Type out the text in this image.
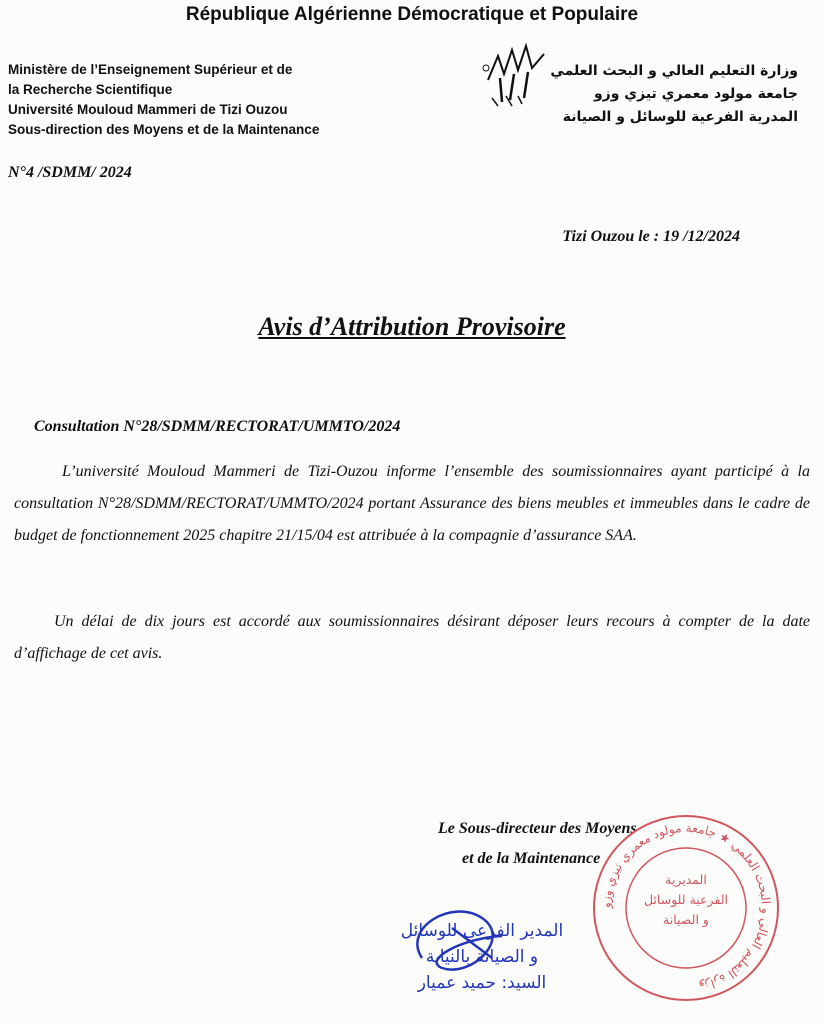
République Algérienne Démocratique et Populaire
Ministère de l’Enseignement Supérieur et de
la Recherche Scientifique
Université Mouloud Mammeri de Tizi Ouzou
Sous-direction des Moyens et de la Maintenance
وزارة التعليم العالي و البحث العلمي
جامعة مولود معمري تيزي وزو
المدرية الفرعية للوسائل و الصيانة
N°4 /SDMM/ 2024
Tizi Ouzou le : 19 /12/2024
Avis d’Attribution Provisoire
Consultation N°28/SDMM/RECTORAT/UMMTO/2024
L’université Mouloud Mammeri de Tizi-Ouzou informe l’ensemble des soumissionnaires ayant participé à la consultation N°28/SDMM/RECTORAT/UMMTO/2024 portant Assurance des biens meubles et immeubles dans le cadre de budget de fonctionnement 2025 chapitre 21/15/04 est attribuée à la compagnie d’assurance SAA.
Un délai de dix jours est accordé aux soumissionnaires désirant déposer leurs recours à compter de la date d’affichage de cet avis.
Le Sous-directeur des Moyens
et de la Maintenance
وزارة التعليم العالي و البحث العلمي ★ جامعة مولود معمري تيزي وزو
المديرية
الفرعية للوسائل
و الصيانة
المدير الفرعي للوسائل
و الصيانة بالنيابة
السيد: حميد عميار
